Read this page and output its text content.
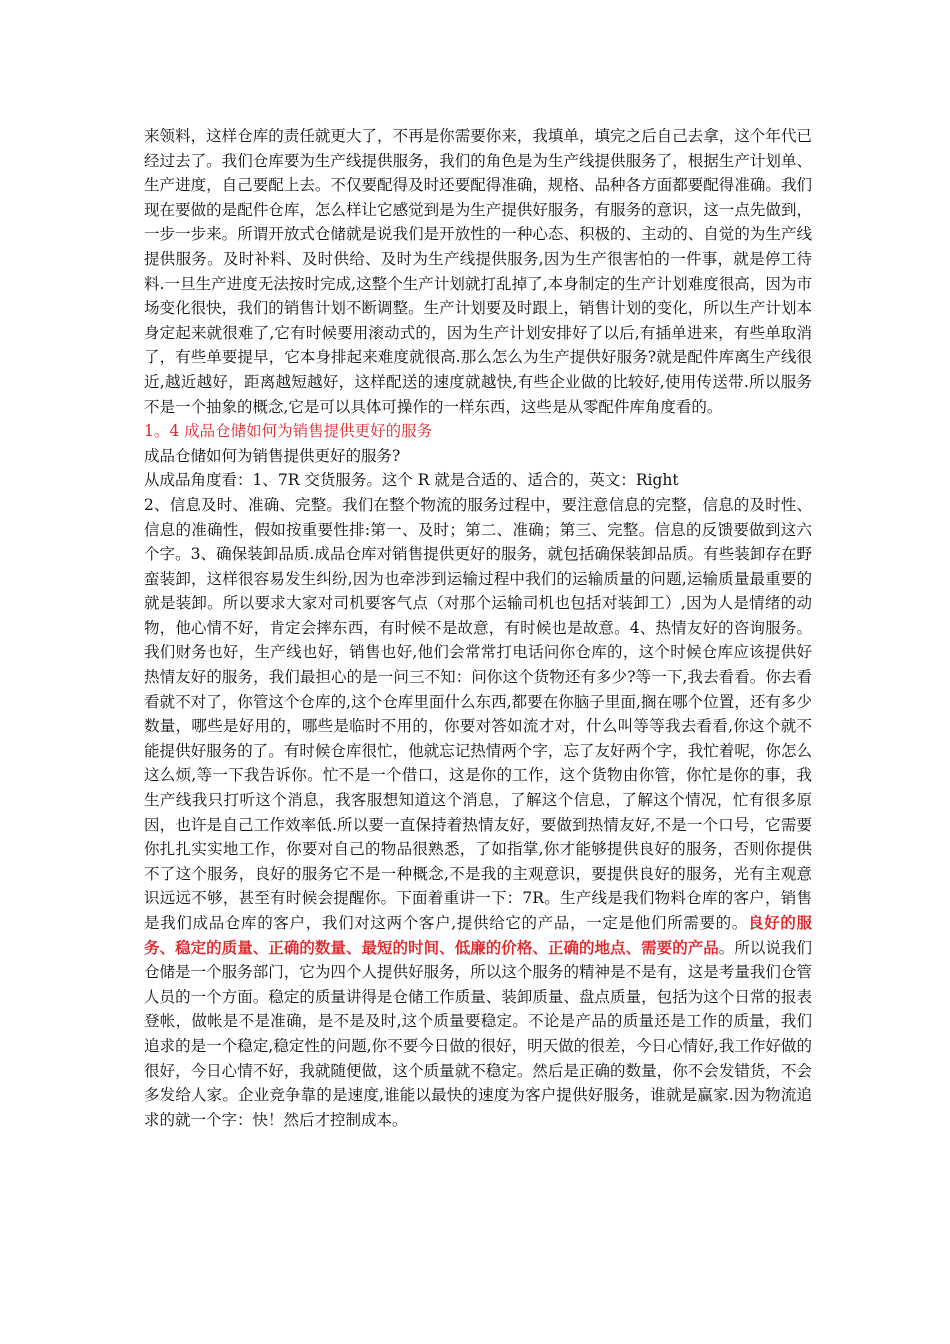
来领料，这样仓库的责任就更大了，不再是你需要你来，我填单，填完之后自己去拿，这个年代已经过去了。我们仓库要为生产线提供服务，我们的角色是为生产线提供服务了，根据生产计划单、生产进度，自己要配上去。不仅要配得及时还要配得准确，规格、品种各方面都要配得准确。我们现在要做的是配件仓库，怎么样让它感觉到是为生产提供好服务，有服务的意识，这一点先做到，一步一步来。所谓开放式仓储就是说我们是开放性的一种心态、积极的、主动的、自觉的为生产线提供服务。及时补料、及时供给、及时为生产线提供服务,因为生产很害怕的一件事，就是停工待料.一旦生产进度无法按时完成,这整个生产计划就打乱掉了,本身制定的生产计划难度很高，因为市场变化很快，我们的销售计划不断调整。生产计划要及时跟上，销售计划的变化，所以生产计划本身定起来就很难了,它有时候要用滚动式的，因为生产计划安排好了以后,有插单进来，有些单取消了，有些单要提早，它本身排起来难度就很高.那么怎么为生产提供好服务?就是配件库离生产线很近,越近越好，距离越短越好，这样配送的速度就越快,有些企业做的比较好,使用传送带.所以服务不是一个抽象的概念,它是可以具体可操作的一样东西，这些是从零配件库角度看的。

1。4 成品仓储如何为销售提供更好的服务

成品仓储如何为销售提供更好的服务?

从成品角度看：1、7R 交货服务。这个 R 就是合适的、适合的，英文：Right

2、信息及时、准确、完整。我们在整个物流的服务过程中，要注意信息的完整，信息的及时性、信息的准确性，假如按重要性排:第一、及时；第二、准确；第三、完整。信息的反馈要做到这六个字。3、确保装卸品质.成品仓库对销售提供更好的服务，就包括确保装卸品质。有些装卸存在野蛮装卸，这样很容易发生纠纷,因为也牵涉到运输过程中我们的运输质量的问题,运输质量最重要的就是装卸。所以要求大家对司机要客气点（对那个运输司机也包括对装卸工）,因为人是情绪的动物，他心情不好，肯定会摔东西，有时候不是故意，有时候也是故意。4、热情友好的咨询服务。我们财务也好，生产线也好，销售也好,他们会常常打电话问你仓库的，这个时候仓库应该提供好热情友好的服务，我们最担心的是一问三不知：问你这个货物还有多少?等一下,我去看看。你去看看就不对了，你管这个仓库的,这个仓库里面什么东西,都要在你脑子里面,搁在哪个位置，还有多少数量，哪些是好用的，哪些是临时不用的，你要对答如流才对，什么叫等等我去看看,你这个就不能提供好服务的了。有时候仓库很忙，他就忘记热情两个字，忘了友好两个字，我忙着呢，你怎么这么烦,等一下我告诉你。忙不是一个借口，这是你的工作，这个货物由你管，你忙是你的事，我生产线我只打听这个消息，我客服想知道这个消息，了解这个信息，了解这个情况，忙有很多原因，也许是自己工作效率低.所以要一直保持着热情友好，要做到热情友好,不是一个口号，它需要你扎扎实实地工作，你要对自己的物品很熟悉，了如指掌,你才能够提供良好的服务，否则你提供不了这个服务，良好的服务它不是一种概念,不是我的主观意识，要提供良好的服务，光有主观意识远远不够，甚至有时候会提醒你。下面着重讲一下：7R。生产线是我们物料仓库的客户，销售是我们成品仓库的客户，我们对这两个客户,提供给它的产品，一定是他们所需要的。良好的服务、稳定的质量、正确的数量、最短的时间、低廉的价格、正确的地点、需要的产品。所以说我们仓储是一个服务部门，它为四个人提供好服务，所以这个服务的精神是不是有，这是考量我们仓管人员的一个方面。稳定的质量讲得是仓储工作质量、装卸质量、盘点质量，包括为这个日常的报表登帐，做帐是不是准确，是不是及时,这个质量要稳定。不论是产品的质量还是工作的质量，我们追求的是一个稳定,稳定性的问题,你不要今日做的很好，明天做的很差，今日心情好,我工作好做的很好，今日心情不好，我就随便做，这个质量就不稳定。然后是正确的数量，你不会发错货，不会多发给人家。企业竞争靠的是速度,谁能以最快的速度为客户提供好服务，谁就是赢家.因为物流追求的就一个字：快！然后才控制成本。
